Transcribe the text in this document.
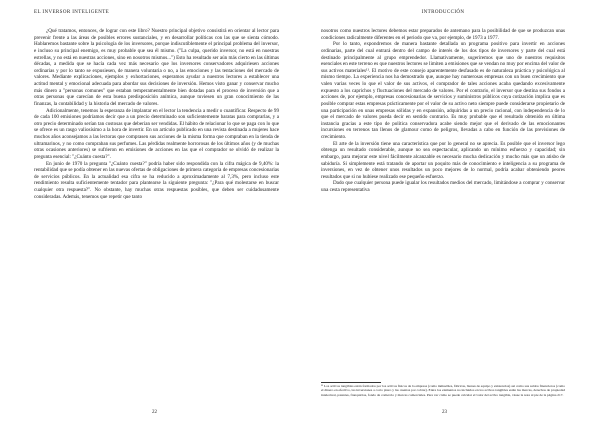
EL INVERSOR INTELIGENTE

¿Qué tratamos, entonces, de lograr con este libro? Nuestro principal objetivo consistirá en orientar al lector para prevenir frente a las áreas de posibles errores sustanciales, y en desarrollar políticas con las que se sienta cómodo. Hablaremos bastante sobre la psicología de los inversores, porque indiscutiblemente el principal problema del inversor, e incluso su principal enemigo, es muy probable que sea él mismo. ("La culpa, querido inversor, no está en nuestras estrellas, y no está en nuestras acciones, sino en nosotros mismos...") Esto ha resultado ser aún más cierto en las últimas décadas, a medida que se hacía cada vez más necesario que los inversores conservadores adquiriesen acciones ordinarias y por lo tanto se expusiesen, de manera voluntaria o no, a las emociones y las tentaciones del mercado de valores. Mediante explicaciones, ejemplos y exhortaciones, esperamos ayudar a nuestros lectores a establecer una actitud mental y emocional adecuada para abordar sus decisiones de inversión. Hemos visto ganar y conservar mucho más dinero a "personas comunes" que estaban temperamentalmente bien dotadas para el proceso de inversión que a otras personas que carecían de esta buena predisposición anímica, aunque tuviesen un gran conocimiento de las finanzas, la contabilidad y la historia del mercado de valores.

Adicionalmente, tenemos la esperanza de implantar en el lector la tendencia a medir o cuantificar. Respecto de 99 de cada 100 emisiones podríamos decir que a un precio determinado son suficientemente baratas para comprarlas, y a otro precio determinado serían tan costosas que deberían ser vendidas. El hábito de relacionar lo que se paga con lo que se ofrece es un rasgo valiosísimo a la hora de invertir. En un artículo publicado en una revista destinada a mujeres hace muchos años aconsejamos a las lectoras que comprasen sus acciones de la misma forma que compraban en la tienda de ultramarinos, y no como compraban sus perfumes. Las pérdidas realmente horrorosas de los últimos años (y de muchas otras ocasiones anteriores) se sufrieron en emisiones de acciones en las que el comprador se olvidó de realizar la pregunta esencial: "¿Cuánto cuesta?".

En junio de 1970 la pregunta "¿Cuánto cuesta?" podría haber sido respondida con la cifra mágica de 9,40%: la rentabilidad que se podía obtener en las nuevas ofertas de obligaciones de primera categoría de empresas concesionarias de servicios públicos. En la actualidad esa cifra se ha reducido a aproximadamente al 7,3%, pero incluso este rendimiento resulta suficientemente tentador para plantearse la siguiente pregunta: "¿Para qué molestarse en buscar cualquier otra respuesta?". No obstante, hay muchas otras respuestas posibles, que deben ser cuidadosamente consideradas. Además, tenemos que repetir que tanto

22
INTRODUCCIÓN

nosotros como nuestros lectores debemos estar preparados de antemano para la posibilidad de que se produzcan unas condiciones radicalmente diferentes en el periodo que va, por ejemplo, de 1973 a 1977.

Por lo tanto, expondremos de manera bastante detallada un programa positivo para invertir en acciones ordinarias, parte del cual entrará dentro del campo de interés de los dos tipos de inversores y parte del cual está destinado principalmente al grupo emprendedor. Llamativamente, sugeriremos que uno de nuestros requisitos esenciales en este terreno es que nuestros lectores se limiten a emisiones que se vendan no muy por encima del valor de sus activos materiales¹¹. El motivo de este consejo aparentemente desfasado es de naturaleza práctica y psicológica al mismo tiempo. La experiencia nos ha demostrado que, aunque hay numerosas empresas con un buen crecimiento que valen varias veces lo que el valor de sus activos, el comprador de tales acciones acaba quedando excesivamente expuesto a los caprichos y fluctuaciones del mercado de valores. Por el contrario, el inversor que destina sus fondos a acciones de, por ejemplo, empresas concesionarias de servicios y suministros públicos cuya cotización implica que es posible comprar estas empresas prácticamente por el valor de su activo neto siempre puede considerarse propietario de una participación en unas empresas sólidas y en expansión, adquiridas a un precio racional, con independencia de lo que el mercado de valores pueda decir en sentido contrario. Es muy probable que el resultado obtenido en última instancia gracias a este tipo de política conservadora acabe siendo mejor que el derivado de las emocionantes incursiones en terrenos tan llenos de glamour como de peligros, llevadas a cabo en función de las previsiones de crecimiento.

El arte de la inversión tiene una característica que por lo general no se aprecia. Es posible que el inversor lego obtenga un resultado considerable, aunque no sea espectacular, aplicando un mínimo esfuerzo y capacidad; sin embargo, para mejorar este nivel fácilmente alcanzable es necesario mucha dedicación y mucho más que un atisbo de sabiduría. Si simplemente está tratando de aportar un poquito más de conocimiento e inteligencia a su programa de inversiones, en vez de obtener unos resultados un poco mejores de lo normal, podría acabar obteniendo peores resultados que si no hubiese realizado ese pequeño esfuerzo.

Dado que cualquier persona puede igualar los resultados medios del mercado, limitándose a comprar y conservar una cesta representativa

¹¹ Los activos tangibles están formados por los activos físicos de la empresa (como inmuebles, fábricas, bienes de equipo y existencias) así como sus saldos financieros (como el dinero en efectivo, las inversiones a corto plazo y las cuentas por cobrar). Entre los elementos no incluidos en los activos tangibles están las marcas, derechos de propiedad intelectual, patentes, franquicias, fondo de comercio y marcas comerciales. Para ver cómo se puede calcular el valor del activo tangible, véase la nota al pie de la página 217.
23
